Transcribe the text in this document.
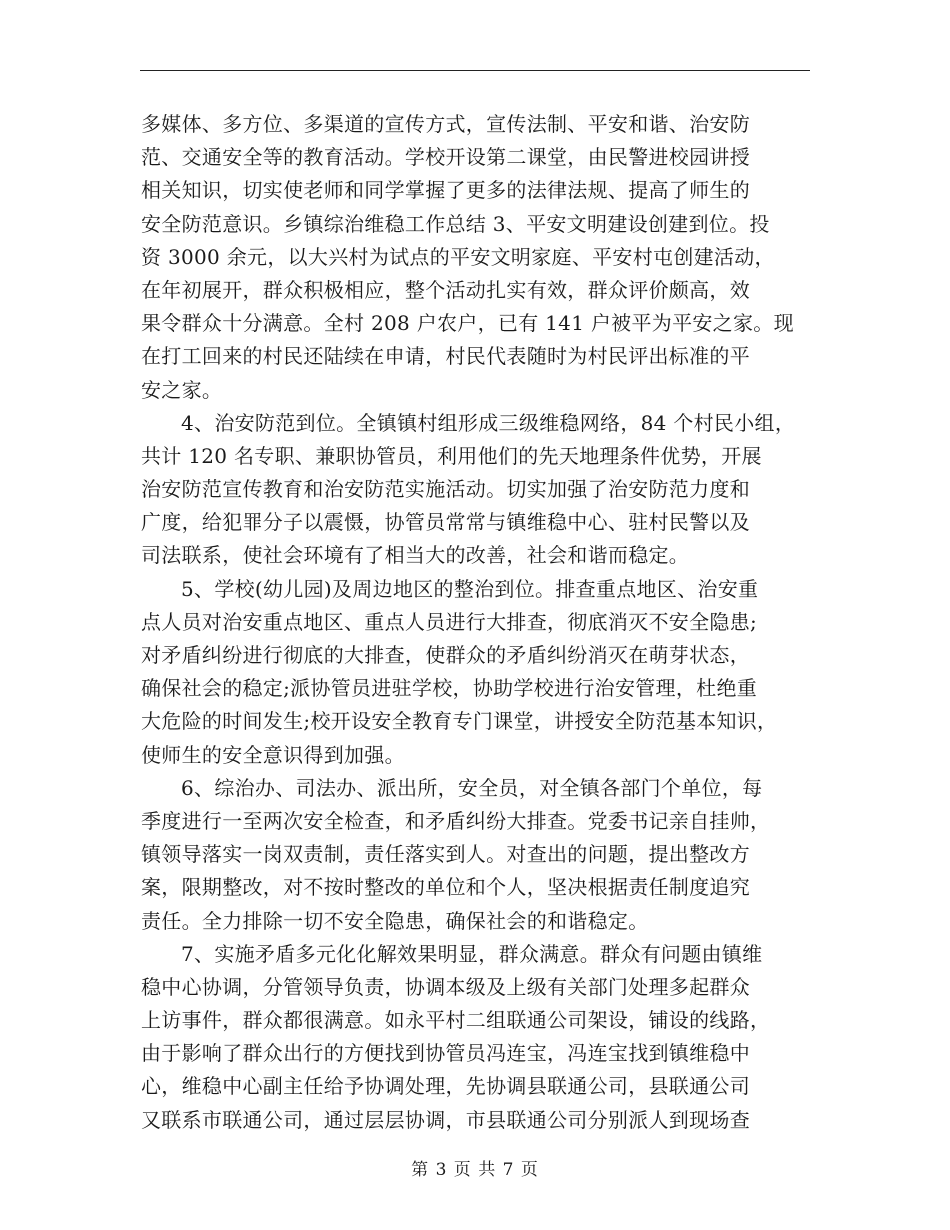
多媒体、多方位、多渠道的宣传方式，宣传法制、平安和谐、治安防
范、交通安全等的教育活动。学校开设第二课堂，由民警进校园讲授
相关知识，切实使老师和同学掌握了更多的法律法规、提高了师生的
安全防范意识。乡镇综治维稳工作总结 3、平安文明建设创建到位。投
资 3000 余元，以大兴村为试点的平安文明家庭、平安村屯创建活动，
在年初展开，群众积极相应，整个活动扎实有效，群众评价颇高，效
果令群众十分满意。全村 208 户农户，已有 141 户被平为平安之家。现
在打工回来的村民还陆续在申请，村民代表随时为村民评出标准的平
安之家。
4、治安防范到位。全镇镇村组形成三级维稳网络，84 个村民小组，
共计 120 名专职、兼职协管员，利用他们的先天地理条件优势，开展
治安防范宣传教育和治安防范实施活动。切实加强了治安防范力度和
广度，给犯罪分子以震慑，协管员常常与镇维稳中心、驻村民警以及
司法联系，使社会环境有了相当大的改善，社会和谐而稳定。
5、学校(幼儿园)及周边地区的整治到位。排查重点地区、治安重
点人员对治安重点地区、重点人员进行大排查，彻底消灭不安全隐患;
对矛盾纠纷进行彻底的大排查，使群众的矛盾纠纷消灭在萌芽状态，
确保社会的稳定;派协管员进驻学校，协助学校进行治安管理，杜绝重
大危险的时间发生;校开设安全教育专门课堂，讲授安全防范基本知识，
使师生的安全意识得到加强。
6、综治办、司法办、派出所，安全员，对全镇各部门个单位，每
季度进行一至两次安全检查，和矛盾纠纷大排查。党委书记亲自挂帅，
镇领导落实一岗双责制，责任落实到人。对查出的问题，提出整改方
案，限期整改，对不按时整改的单位和个人，坚决根据责任制度追究
责任。全力排除一切不安全隐患，确保社会的和谐稳定。
7、实施矛盾多元化化解效果明显，群众满意。群众有问题由镇维
稳中心协调，分管领导负责，协调本级及上级有关部门处理多起群众
上访事件，群众都很满意。如永平村二组联通公司架设，铺设的线路，
由于影响了群众出行的方便找到协管员冯连宝，冯连宝找到镇维稳中
心，维稳中心副主任给予协调处理，先协调县联通公司，县联通公司
又联系市联通公司，通过层层协调，市县联通公司分别派人到现场查
第 3 页 共 7 页
